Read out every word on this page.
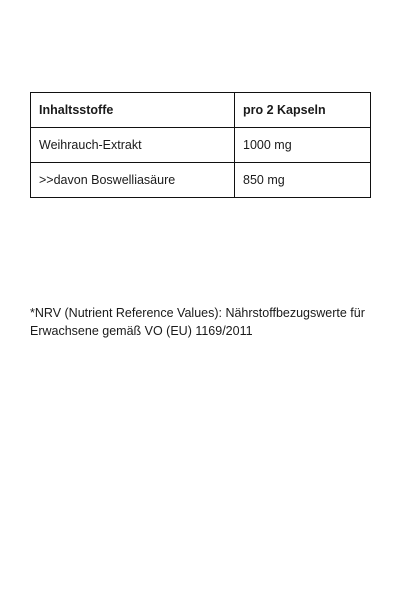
Inhaltsstoffe	pro 2 Kapseln
Weihrauch-Extrakt	1000 mg
>>davon Boswelliasäure	850 mg

*NRV (Nutrient Reference Values): Nährstoffbezugswerte für
Erwachsene gemäß VO (EU) 1169/2011
